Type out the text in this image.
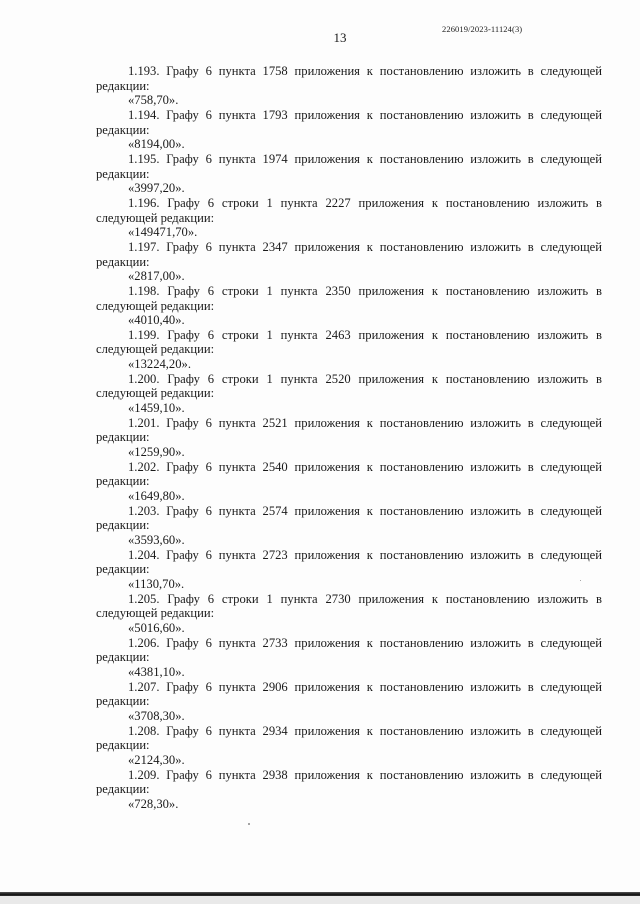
226019/2023-11124(3)
13
1.193. Графу 6 пункта 1758 приложения к постановлению изложить в следующей редакции:
«758,70».
1.194. Графу 6 пункта 1793 приложения к постановлению изложить в следующей редакции:
«8194,00».
1.195. Графу 6 пункта 1974 приложения к постановлению изложить в следующей редакции:
«3997,20».
1.196. Графу 6 строки 1 пункта 2227 приложения к постановлению изложить в следующей редакции:
«149471,70».
1.197. Графу 6 пункта 2347 приложения к постановлению изложить в следующей редакции:
«2817,00».
1.198. Графу 6 строки 1 пункта 2350 приложения к постановлению изложить в следующей редакции:
«4010,40».
1.199. Графу 6 строки 1 пункта 2463 приложения к постановлению изложить в следующей редакции:
«13224,20».
1.200. Графу 6 строки 1 пункта 2520 приложения к постановлению изложить в следующей редакции:
«1459,10».
1.201. Графу 6 пункта 2521 приложения к постановлению изложить в следующей редакции:
«1259,90».
1.202. Графу 6 пункта 2540 приложения к постановлению изложить в следующей редакции:
«1649,80».
1.203. Графу 6 пункта 2574 приложения к постановлению изложить в следующей редакции:
«3593,60».
1.204. Графу 6 пункта 2723 приложения к постановлению изложить в следующей редакции:
«1130,70».
1.205. Графу 6 строки 1 пункта 2730 приложения к постановлению изложить в следующей редакции:
«5016,60».
1.206. Графу 6 пункта 2733 приложения к постановлению изложить в следующей редакции:
«4381,10».
1.207. Графу 6 пункта 2906 приложения к постановлению изложить в следующей редакции:
«3708,30».
1.208. Графу 6 пункта 2934 приложения к постановлению изложить в следующей редакции:
«2124,30».
1.209. Графу 6 пункта 2938 приложения к постановлению изложить в следующей редакции:
«728,30».
